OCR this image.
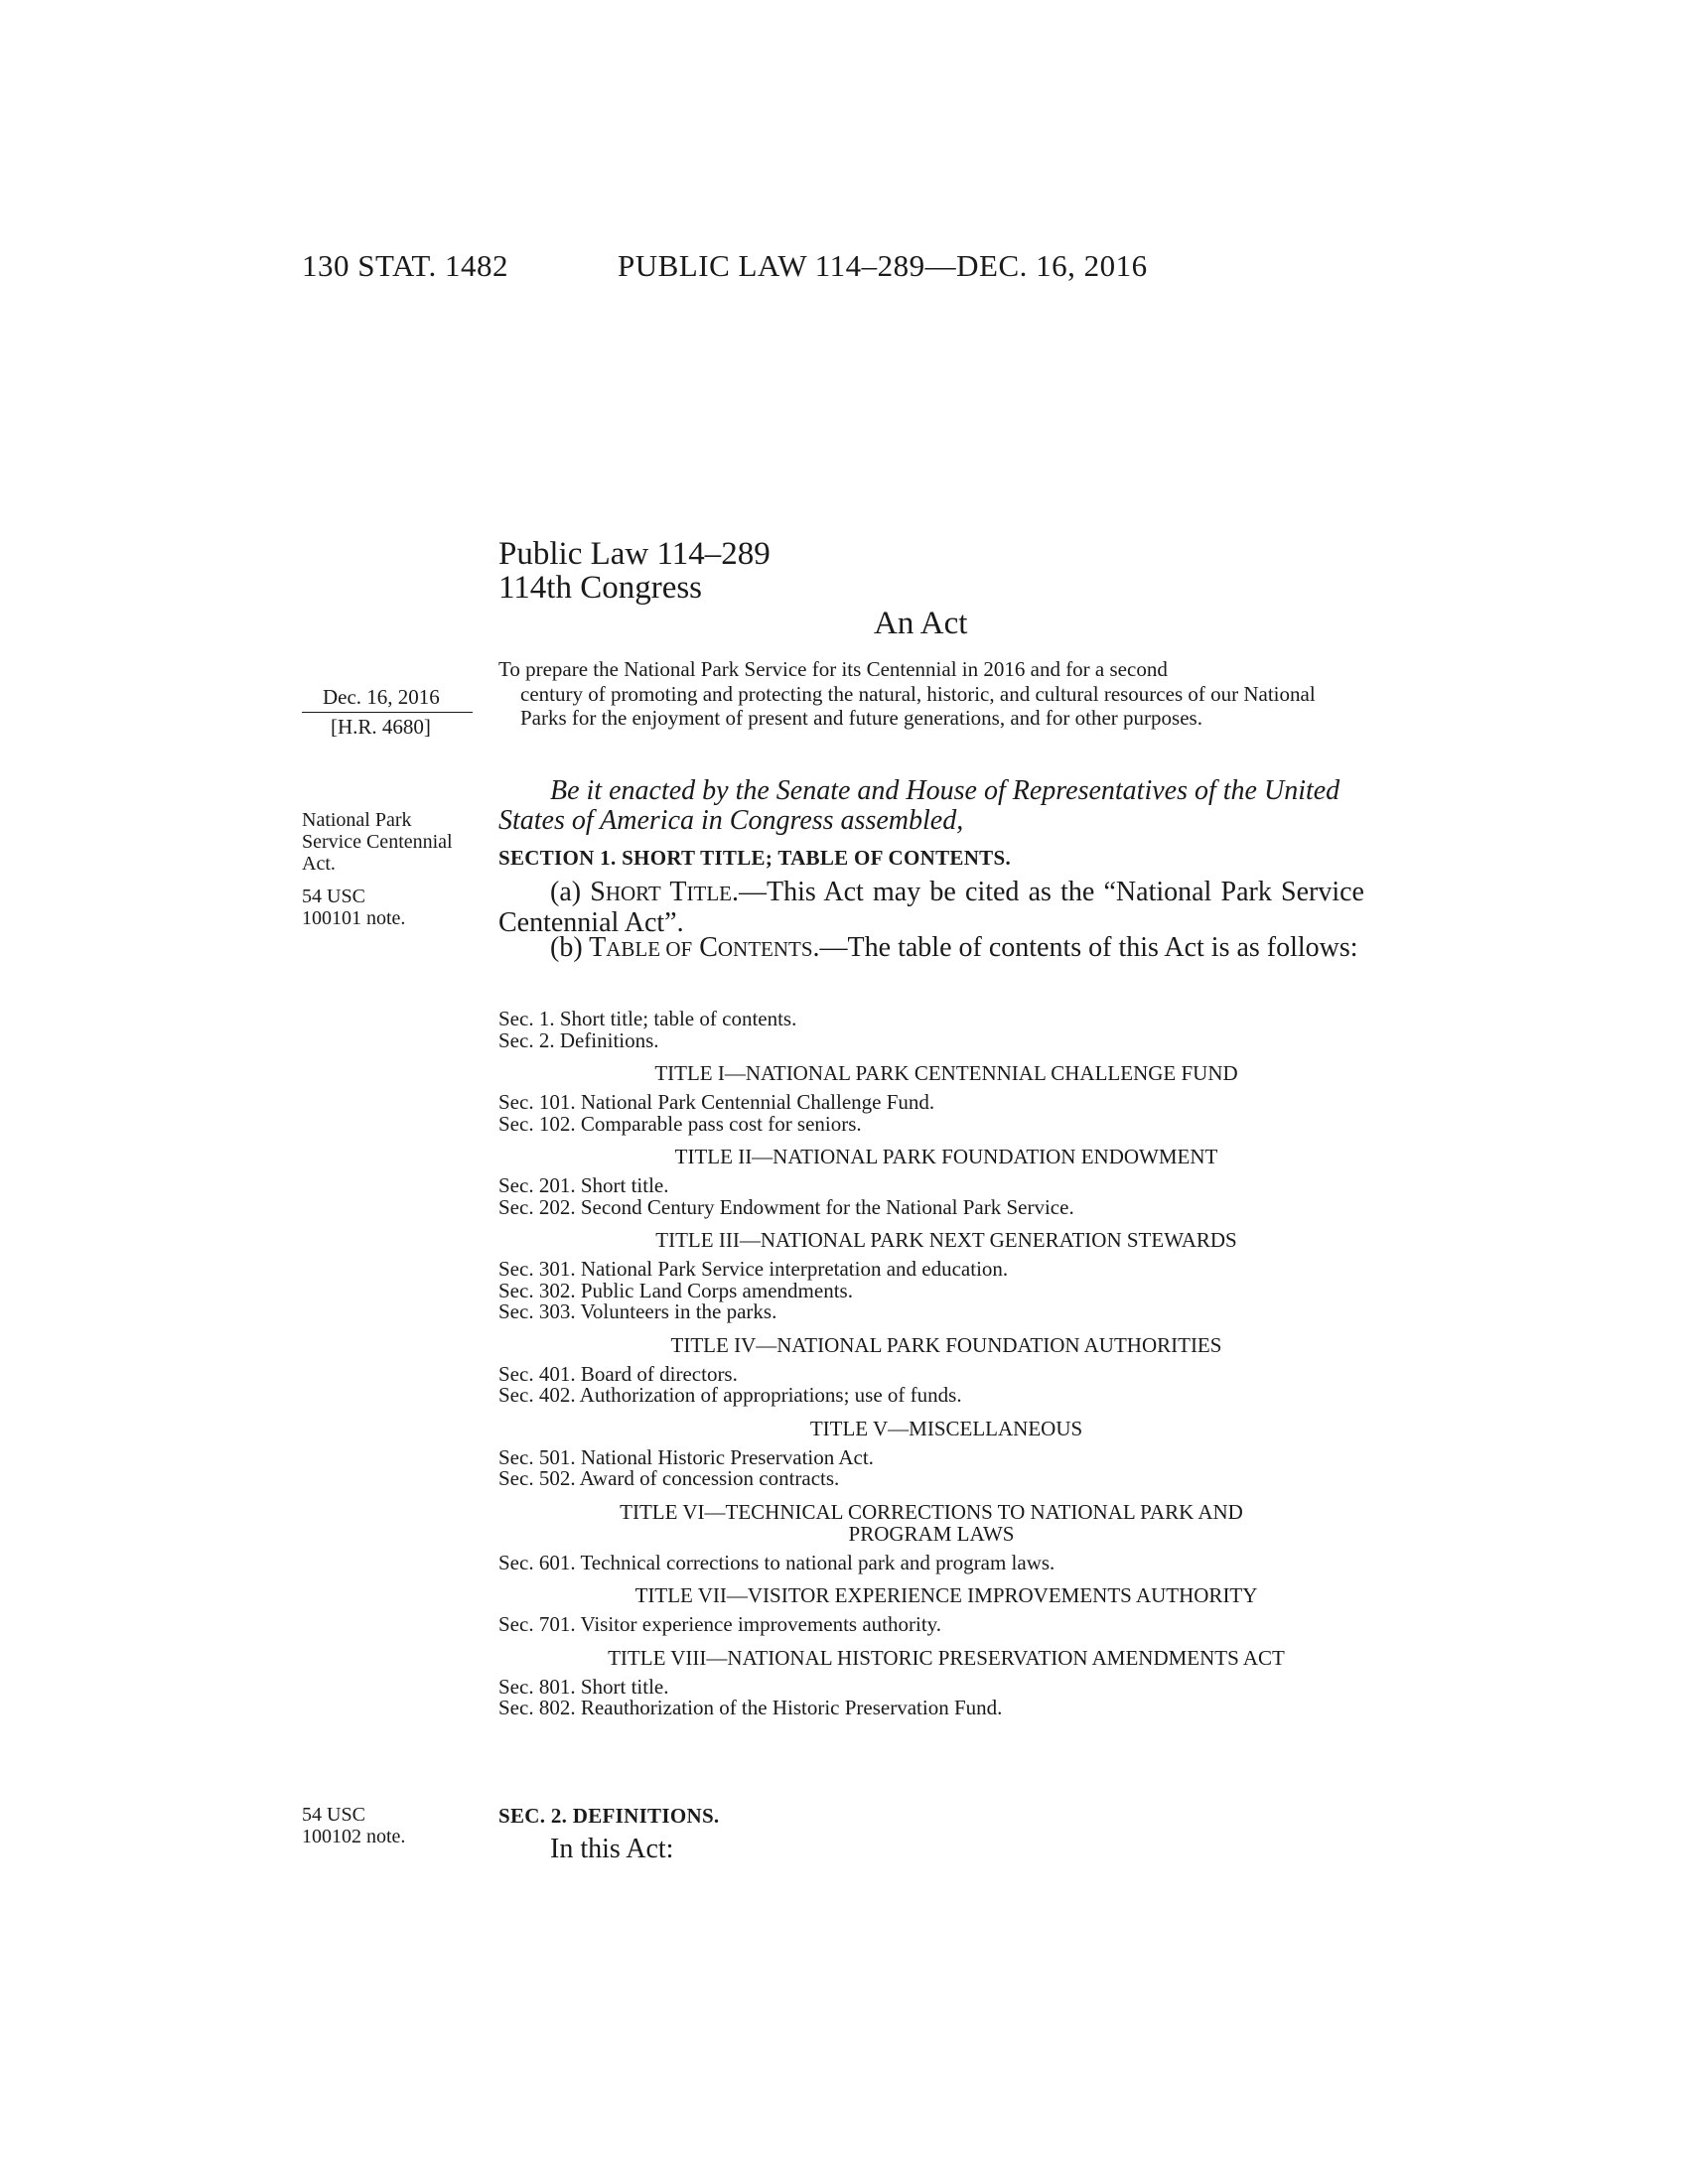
130 STAT. 1482	PUBLIC LAW 114–289—DEC. 16, 2016
Public Law 114–289
114th Congress
An Act
Dec. 16, 2016
[H.R. 4680]
To prepare the National Park Service for its Centennial in 2016 and for a second
century of promoting and protecting the natural, historic, and cultural resources of our National Parks for the enjoyment of present and future generations, and for other purposes.
National Park Service Centennial Act.
54 USC 100101 note.
54 USC 100102 note.
Be it enacted by the Senate and House of Representatives of the United States of America in Congress assembled,
SECTION 1. SHORT TITLE; TABLE OF CONTENTS.
(a) SHORT TITLE.—This Act may be cited as the “National Park Service Centennial Act”.
(b) TABLE OF CONTENTS.—The table of contents of this Act is as follows:
Sec. 1. Short title; table of contents.
Sec. 2. Definitions.
TITLE I—NATIONAL PARK CENTENNIAL CHALLENGE FUND
Sec. 101. National Park Centennial Challenge Fund.
Sec. 102. Comparable pass cost for seniors.
TITLE II—NATIONAL PARK FOUNDATION ENDOWMENT
Sec. 201. Short title.
Sec. 202. Second Century Endowment for the National Park Service.
TITLE III—NATIONAL PARK NEXT GENERATION STEWARDS
Sec. 301. National Park Service interpretation and education.
Sec. 302. Public Land Corps amendments.
Sec. 303. Volunteers in the parks.
TITLE IV—NATIONAL PARK FOUNDATION AUTHORITIES
Sec. 401. Board of directors.
Sec. 402. Authorization of appropriations; use of funds.
TITLE V—MISCELLANEOUS
Sec. 501. National Historic Preservation Act.
Sec. 502. Award of concession contracts.
TITLE VI—TECHNICAL CORRECTIONS TO NATIONAL PARK AND PROGRAM LAWS
Sec. 601. Technical corrections to national park and program laws.
TITLE VII—VISITOR EXPERIENCE IMPROVEMENTS AUTHORITY
Sec. 701. Visitor experience improvements authority.
TITLE VIII—NATIONAL HISTORIC PRESERVATION AMENDMENTS ACT
Sec. 801. Short title.
Sec. 802. Reauthorization of the Historic Preservation Fund.
SEC. 2. DEFINITIONS.
In this Act:
